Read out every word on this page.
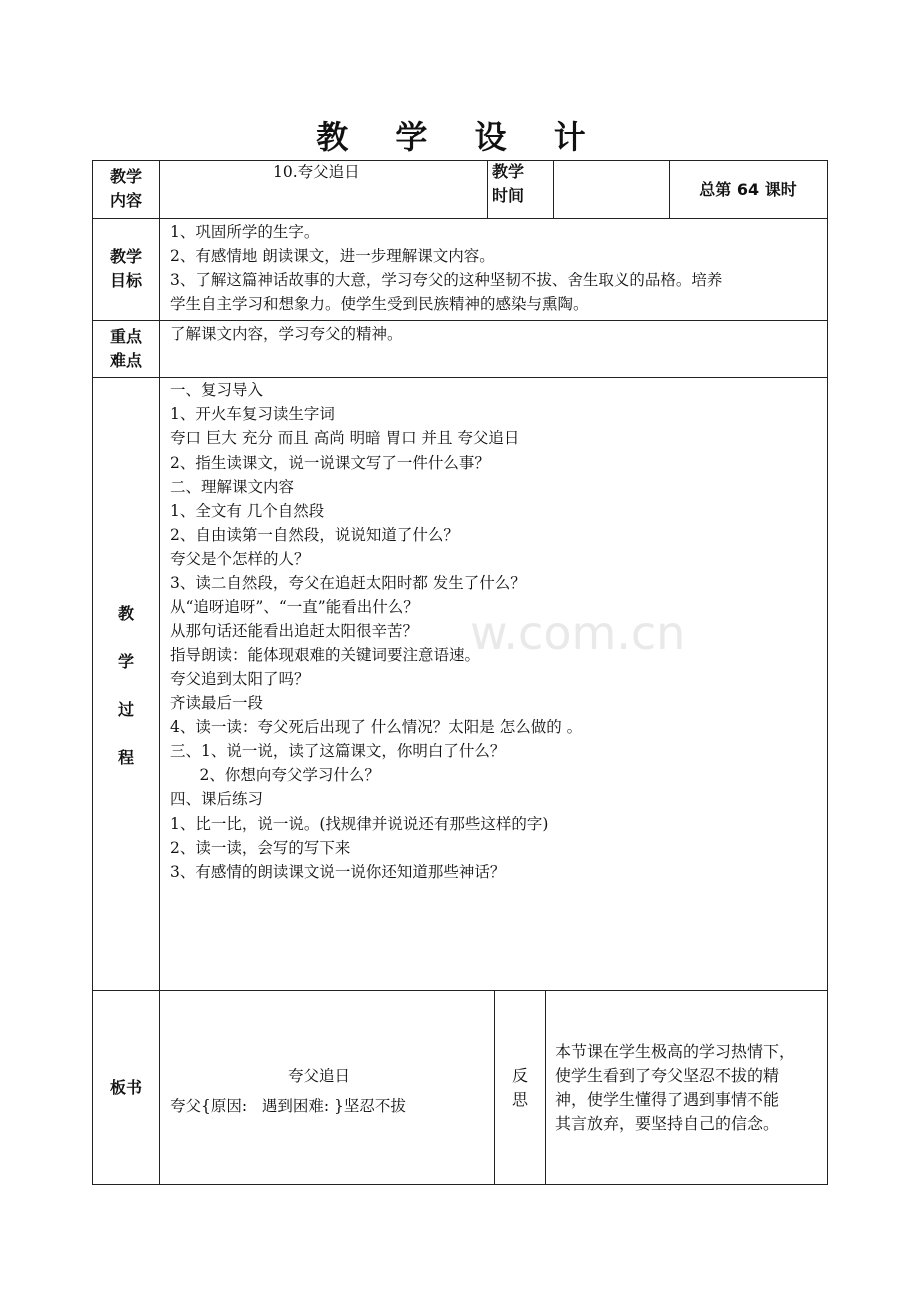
教 学 设 计
w.com.cn
教学
内容
10.夸父追日	教学
时间	总第 64 课时
教学
目标
1、巩固所学的生字。
2、有感情地 朗读课文，进一步理解课文内容。
3、了解这篇神话故事的大意，学习夸父的这种坚韧不拔、舍生取义的品格。培养
学生自主学习和想象力。使学生受到民族精神的感染与熏陶。
重点
难点
了解课文内容，学习夸父的精神。
教
学
过
程
一、复习导入
1、开火车复习读生字词
夸口 巨大 充分 而且 高尚 明暗 胃口 并且 夸父追日
2、指生读课文，说一说课文写了一件什么事？
二、理解课文内容
1、全文有 几个自然段
2、自由读第一自然段，说说知道了什么？
夸父是个怎样的人？
3、读二自然段，夸父在追赶太阳时都 发生了什么？
从“追呀追呀”、“一直”能看出什么？
从那句话还能看出追赶太阳很辛苦？
指导朗读：能体现艰难的关键词要注意语速。
夸父追到太阳了吗？
齐读最后一段
4、读一读：夸父死后出现了 什么情况？太阳是 怎么做的 。
三、1、说一说，读了这篇课文，你明白了什么？
2、你想向夸父学习什么？
四、课后练习
1、比一比，说一说。(找规律并说说还有那些这样的字)
2、读一读，会写的写下来
3、有感情的朗读课文说一说你还知道那些神话？
板书
夸父追日
夸父{原因:   遇到困难: }坚忍不拔
反
思
本节课在学生极高的学习热情下，
使学生看到了夸父坚忍不拔的精
神，使学生懂得了遇到事情不能
其言放弃，要坚持自己的信念。
